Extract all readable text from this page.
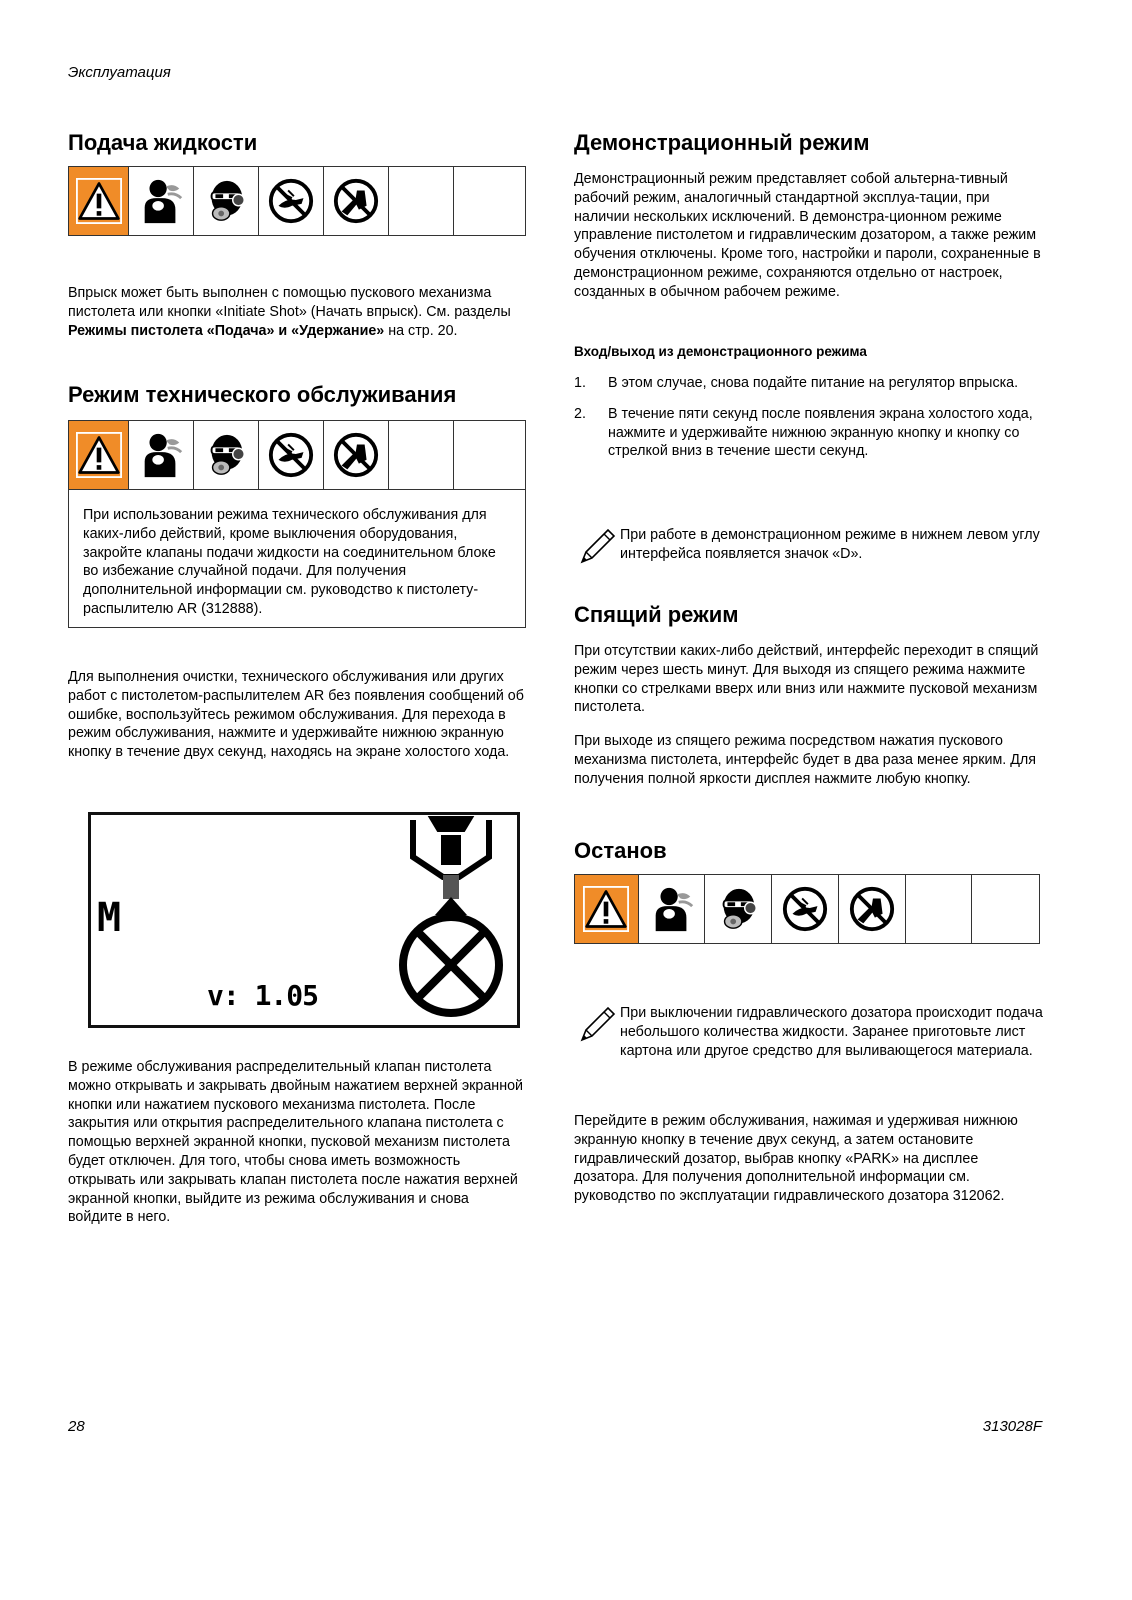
Эксплуатация
Подача жидкости

Впрыск может быть выполнен с помощью пускового механизма пистолета или кнопки «Initiate Shot» (Начать впрыск). См. разделы Режимы пистолета «Подача» и «Удержание» на стр. 20.

Режим технического обслуживания

При использовании режима технического обслуживания для каких-либо действий, кроме выключения оборудования, закройте клапаны подачи жидкости на соединительном блоке во избежание случайной подачи. Для получения дополнительной информации см. руководство к пистолету-распылителю AR (312888).

Для выполнения очистки, технического обслуживания или других работ с пистолетом-распылителем AR без появления сообщений об ошибке, воспользуйтесь режимом обслуживания. Для перехода в режим обслуживания, нажмите и удерживайте нижнюю экранную кнопку в течение двух секунд, находясь на экране холостого хода.

M
v: 1.05

В режиме обслуживания распределительный клапан пистолета можно открывать и закрывать двойным нажатием верхней экранной кнопки или нажатием пускового механизма пистолета. После закрытия или открытия распределительного клапана пистолета с помощью верхней экранной кнопки, пусковой механизм пистолета будет отключен. Для того, чтобы снова иметь возможность открывать или закрывать клапан пистолета после нажатия верхней экранной кнопки, выйдите из режима обслуживания и снова войдите в него.

Демонстрационный режим

Демонстрационный режим представляет собой альтерна-тивный рабочий режим, аналогичный стандартной эксплуа-тации, при наличии нескольких исключений. В демонстра-ционном режиме управление пистолетом и гидравлическим дозатором, а также режим обучения отключены. Кроме того, настройки и пароли, сохраненные в демонстрационном режиме, сохраняются отдельно от настроек, созданных в обычном рабочем режиме.

Вход/выход из демонстрационного режима
1. В этом случае, снова подайте питание на регулятор впрыска.
2. В течение пяти секунд после появления экрана холостого хода, нажмите и удерживайте нижнюю экранную кнопку и кнопку со стрелкой вниз в течение шести секунд.

При работе в демонстрационном режиме в нижнем левом углу интерфейса появляется значок «D».

Спящий режим

При отсутствии каких-либо действий, интерфейс переходит в спящий режим через шесть минут. Для выходя из спящего режима нажмите кнопки со стрелками вверх или вниз или нажмите пусковой механизм пистолета.

При выходе из спящего режима посредством нажатия пускового механизма пистолета, интерфейс будет в два раза менее ярким. Для получения полной яркости дисплея нажмите любую кнопку.

Останов

При выключении гидравлического дозатора происходит подача небольшого количества жидкости. Заранее приготовьте лист картона или другое средство для выливающегося материала.

Перейдите в режим обслуживания, нажимая и удерживая нижнюю экранную кнопку в течение двух секунд, а затем остановите гидравлический дозатор, выбрав кнопку «PARK» на дисплее дозатора. Для получения дополнительной информации см. руководство по эксплуатации гидравлического дозатора 312062.

28	313028F
